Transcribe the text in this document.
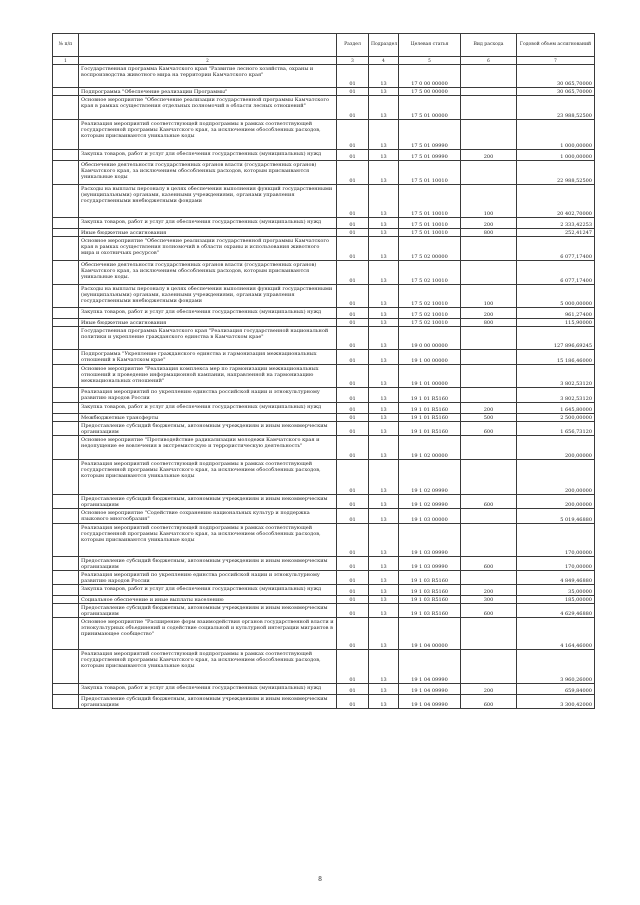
№ п/п		Раздел	Подраздел	Целевая статья	Вид расхода	Годовой объем ассигнований
1	2	3	4	5	6	7
	Государственная программа Камчатского края "Развитие лесного хозяйства, охраны и воспроизводства животного мира на территории Камчатского края"	01	13	17 0 00 00000		30 065,70000
	Подпрограмма "Обеспечение реализации Программы"	01	13	17 5 00 00000		30 065,70000
	Основное мероприятие "Обеспечение реализации государственной программы Камчатского края в рамках осуществления отдельных полномочий в области лесных отношений"	01	13	17 5 01 00000		23 988,52500
	Реализация мероприятий соответствующей подпрограммы в рамках соответствующей государственной программы Камчатского края, за исключением обособленных расходов, которым присваиваются уникальные коды	01	13	17 5 01 09990		1 000,00000
	Закупка товаров, работ и услуг для обеспечения государственных (муниципальных) нужд	01	13	17 5 01 09990	200	1 000,00000
	Обеспечение деятельности государственных органов власти (государственных органов) Камчатского края, за исключением обособленных расходов, которым присваиваются уникальные коды	01	13	17 5 01 10010		22 988,52500
	Расходы на выплаты персоналу в целях обеспечения выполнения функций государственными (муниципальными) органами, казенными учреждениями, органами управления государственными внебюджетными фондами	01	13	17 5 01 10010	100	20 402,70000
	Закупка товаров, работ и услуг для обеспечения государственных (муниципальных) нужд	01	13	17 5 01 10010	200	2 333,42253
	Иные бюджетные ассигнования	01	13	17 5 01 10010	800	252,41247
	Основное мероприятие "Обеспечение реализации государственной программы Камчатского края в рамках осуществления полномочий в области охраны и использования животного мира и охотничьих ресурсов"	01	13	17 5 02 00000		6 077,17400
	Обеспечение деятельности государственных органов власти (государственных органов) Камчатского края, за исключением обособленных расходов, которым присваиваются уникальные коды.	01	13	17 5 02 10010		6 077,17400
	Расходы на выплаты персоналу в целях обеспечения выполнения функций государственными (муниципальными) органами, казенными учреждениями, органами управления государственными внебюджетными фондами	01	13	17 5 02 10010	100	5 000,00000
	Закупка товаров, работ и услуг для обеспечения государственных (муниципальных) нужд	01	13	17 5 02 10010	200	961,27400
	Иные бюджетные ассигнования	01	13	17 5 02 10010	800	115,90000
	Государственная программа Камчатского края "Реализация государственной национальной политики и укрепление гражданского единства в Камчатском крае"	01	13	19 0 00 00000		127 896,69245
	Подпрограмма "Укрепление гражданского единства и гармонизация межнациональных отношений в Камчатском крае"	01	13	19 1 00 00000		15 186,46000
	Основное мероприятие "Реализация комплекса мер по гармонизации межнациональных отношений и проведение информационной кампании, направленной на гармонизацию межнациональных отношений"	01	13	19 1 01 00000		3 802,53120
	Реализация мероприятий по укреплению единства российской нации и этнокультурному развитию народов России	01	13	19 1 01 R5160		3 802,53120
	Закупка товаров, работ и услуг для обеспечения государственных (муниципальных) нужд	01	13	19 1 01 R5160	200	1 645,80000
	Межбюджетные трансферты	01	13	19 1 01 R5160	500	2 500,00000
	Предоставление субсидий бюджетным, автономным учреждениям и иным некоммерческим организациям	01	13	19 1 01 R5160	600	1 656,73120
	Основное мероприятие "Противодействие радикализации молодежи Камчатского края и недопущение ее вовлечения в экстремистскую и террористическую деятельность"	01	13	19 1 02 00000		200,00000
	Реализация мероприятий соответствующей подпрограммы в рамках соответствующей государственной программы Камчатского края, за исключением обособленных расходов, которым присваиваются уникальные коды	01	13	19 1 02 09990		200,00000
	Предоставление субсидий бюджетным, автономным учреждениям и иным некоммерческим организациям	01	13	19 1 02 09990	600	200,00000
	Основное мероприятие "Содействие сохранению национальных культур и поддержка языкового многообразия"	01	13	19 1 03 00000		5 019,46880
	Реализация мероприятий соответствующей подпрограммы в рамках соответствующей государственной программы Камчатского края, за исключением обособленных расходов, которым присваиваются уникальные коды	01	13	19 1 03 09990		170,00000
	Предоставление субсидий бюджетным, автономным учреждениям и иным некоммерческим организациям	01	13	19 1 03 09990	600	170,00000
	Реализация мероприятий по укреплению единства российской нации и этнокультурному развитию народов России	01	13	19 1 03 R5160		4 849,46880
	Закупка товаров, работ и услуг для обеспечения государственных (муниципальных) нужд	01	13	19 1 03 R5160	200	35,00000
	Социальное обеспечение и иные выплаты населению	01	13	19 1 03 R5160	300	185,00000
	Предоставление субсидий бюджетным, автономным учреждениям и иным некоммерческим организациям	01	13	19 1 03 R5160	600	4 629,46880
	Основное мероприятие "Расширение форм взаимодействия органов государственной власти и этнокультурных объединений и содействие социальной и культурной интеграции мигрантов в принимающее сообщество"	01	13	19 1 04 00000		4 164,46000
	Реализация мероприятий соответствующей подпрограммы в рамках соответствующей государственной программы Камчатского края, за исключением обособленных расходов, которым присваиваются уникальные коды	01	13	19 1 04 09990		3 960,26000
	Закупка товаров, работ и услуг для обеспечения государственных (муниципальных) нужд	01	13	19 1 04 09990	200	659,84000
	Предоставление субсидий бюджетным, автономным учреждениям и иным некоммерческим организациям	01	13	19 1 04 09990	600	3 300,42000
8
